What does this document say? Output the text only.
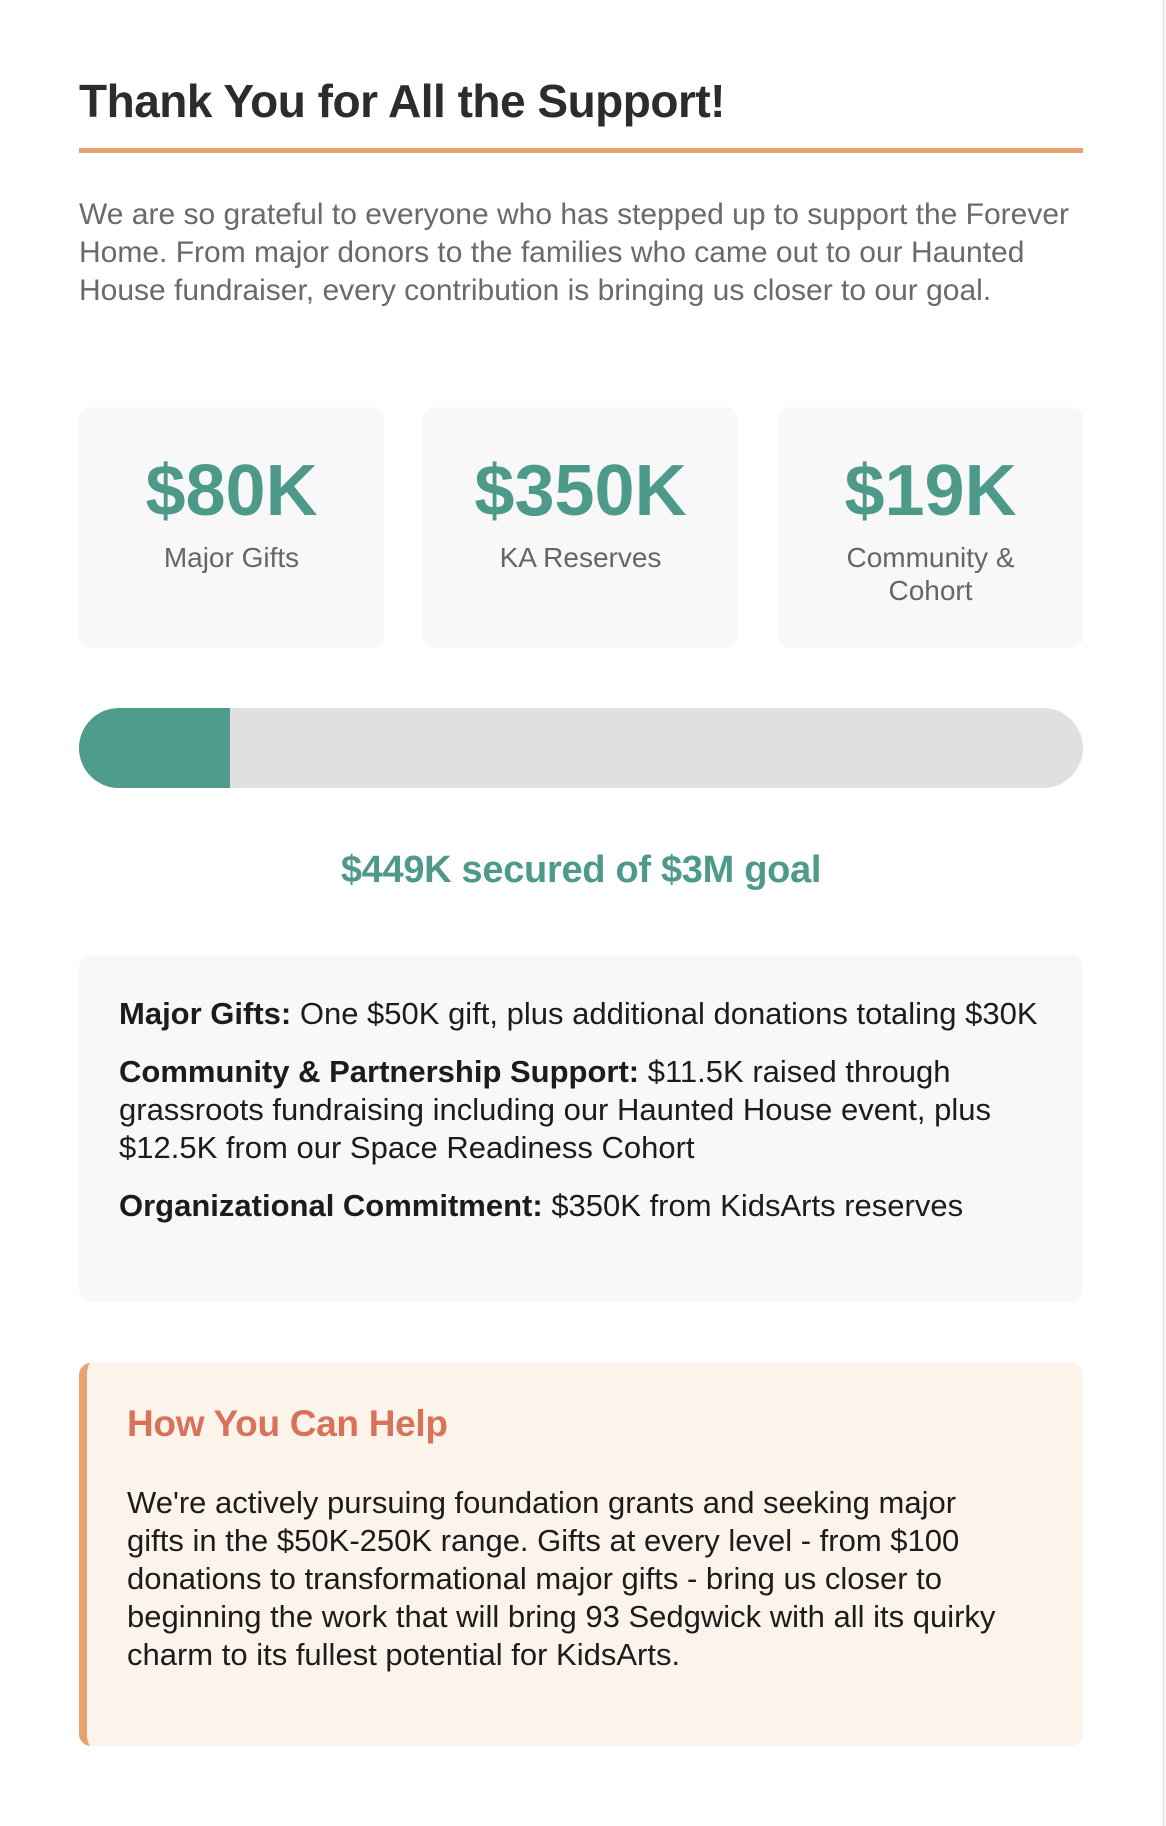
Thank You for All the Support!

We are so grateful to everyone who has stepped up to support the Forever Home. From major donors to the families who came out to our Haunted House fundraiser, every contribution is bringing us closer to our goal.

$80K
Major Gifts
$350K
KA Reserves
$19K
Community & Cohort
$449K secured of $3M goal

Major Gifts: One $50K gift, plus additional donations totaling $30K

Community & Partnership Support: $11.5K raised through grassroots fundraising including our Haunted House event, plus $12.5K from our Space Readiness Cohort

Organizational Commitment: $350K from KidsArts reserves

How You Can Help

We're actively pursuing foundation grants and seeking major gifts in the $50K-250K range. Gifts at every level - from $100 donations to transformational major gifts - bring us closer to beginning the work that will bring 93 Sedgwick with all its quirky charm to its fullest potential for KidsArts.
